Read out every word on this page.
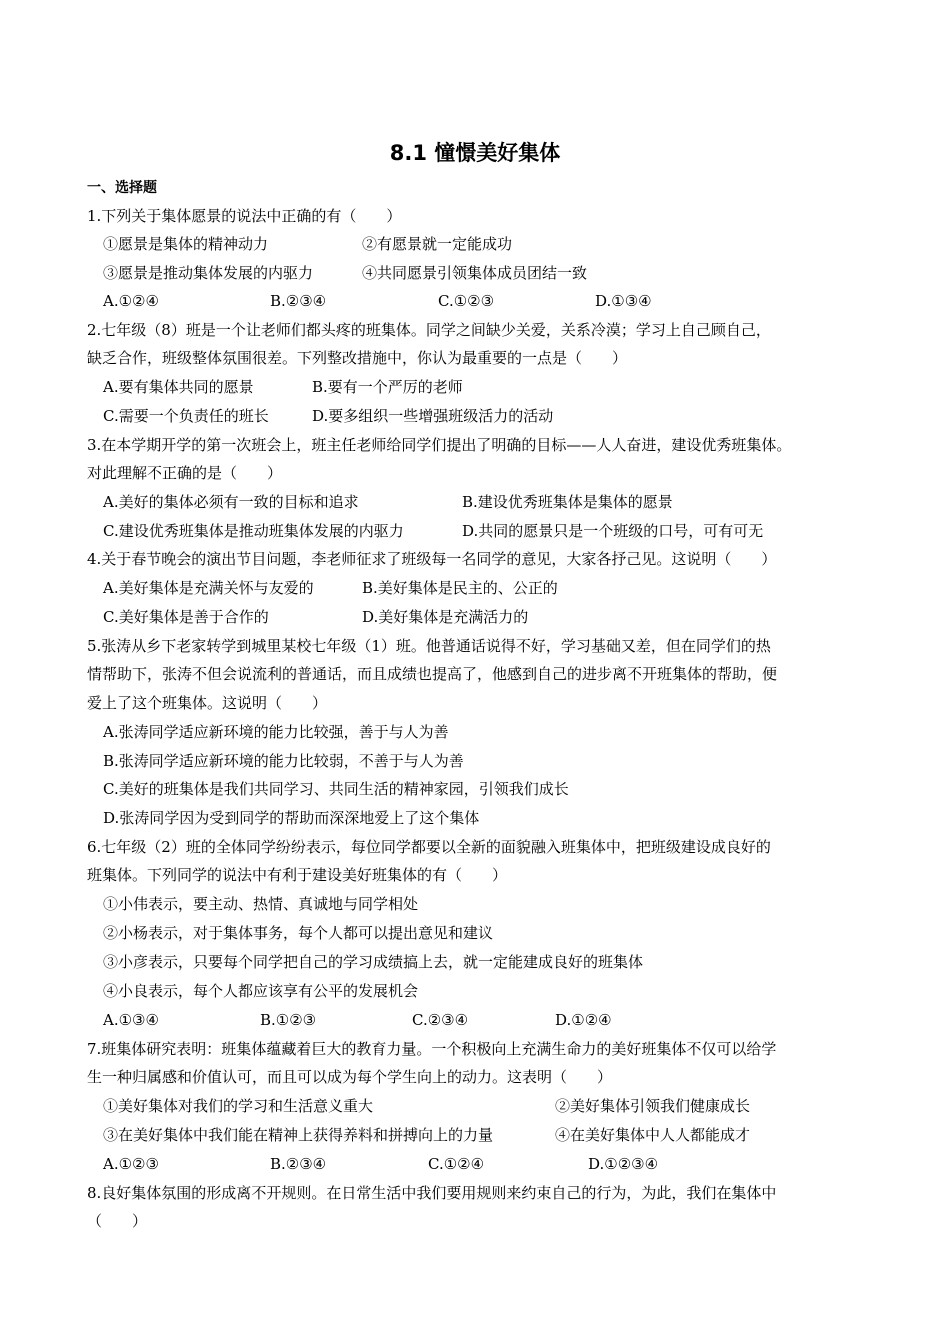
8.1 憧憬美好集体
一、选择题
1.下列关于集体愿景的说法中正确的有（　　）
①愿景是集体的精神动力	②有愿景就一定能成功
③愿景是推动集体发展的内驱力	④共同愿景引领集体成员团结一致
A.①②④	B.②③④	C.①②③	D.①③④
2.七年级（8）班是一个让老师们都头疼的班集体。同学之间缺少关爱，关系冷漠；学习上自己顾自己，
缺乏合作，班级整体氛围很差。下列整改措施中，你认为最重要的一点是（　　）
A.要有集体共同的愿景	B.要有一个严厉的老师
C.需要一个负责任的班长	D.要多组织一些增强班级活力的活动
3.在本学期开学的第一次班会上，班主任老师给同学们提出了明确的目标——人人奋进，建设优秀班集体。
对此理解不正确的是（　　）
A.美好的集体必须有一致的目标和追求	B.建设优秀班集体是集体的愿景
C.建设优秀班集体是推动班集体发展的内驱力	D.共同的愿景只是一个班级的口号，可有可无
4.关于春节晚会的演出节目问题，李老师征求了班级每一名同学的意见，大家各抒己见。这说明（　　）
A.美好集体是充满关怀与友爱的	B.美好集体是民主的、公正的
C.美好集体是善于合作的	D.美好集体是充满活力的
5.张涛从乡下老家转学到城里某校七年级（1）班。他普通话说得不好，学习基础又差，但在同学们的热
情帮助下，张涛不但会说流利的普通话，而且成绩也提高了，他感到自己的进步离不开班集体的帮助，便
爱上了这个班集体。这说明（　　）
A.张涛同学适应新环境的能力比较强，善于与人为善
B.张涛同学适应新环境的能力比较弱，不善于与人为善
C.美好的班集体是我们共同学习、共同生活的精神家园，引领我们成长
D.张涛同学因为受到同学的帮助而深深地爱上了这个集体
6.七年级（2）班的全体同学纷纷表示，每位同学都要以全新的面貌融入班集体中，把班级建设成良好的
班集体。下列同学的说法中有利于建设美好班集体的有（　　）
①小伟表示，要主动、热情、真诚地与同学相处
②小杨表示，对于集体事务，每个人都可以提出意见和建议
③小彦表示，只要每个同学把自己的学习成绩搞上去，就一定能建成良好的班集体
④小良表示，每个人都应该享有公平的发展机会
A.①③④	B.①②③	C.②③④	D.①②④
7.班集体研究表明：班集体蕴藏着巨大的教育力量。一个积极向上充满生命力的美好班集体不仅可以给学
生一种归属感和价值认可，而且可以成为每个学生向上的动力。这表明（　　）
①美好集体对我们的学习和生活意义重大	②美好集体引领我们健康成长
③在美好集体中我们能在精神上获得养料和拼搏向上的力量	④在美好集体中人人都能成才
A.①②③	B.②③④	C.①②④	D.①②③④
8.良好集体氛围的形成离不开规则。在日常生活中我们要用规则来约束自己的行为，为此，我们在集体中
（　　）
